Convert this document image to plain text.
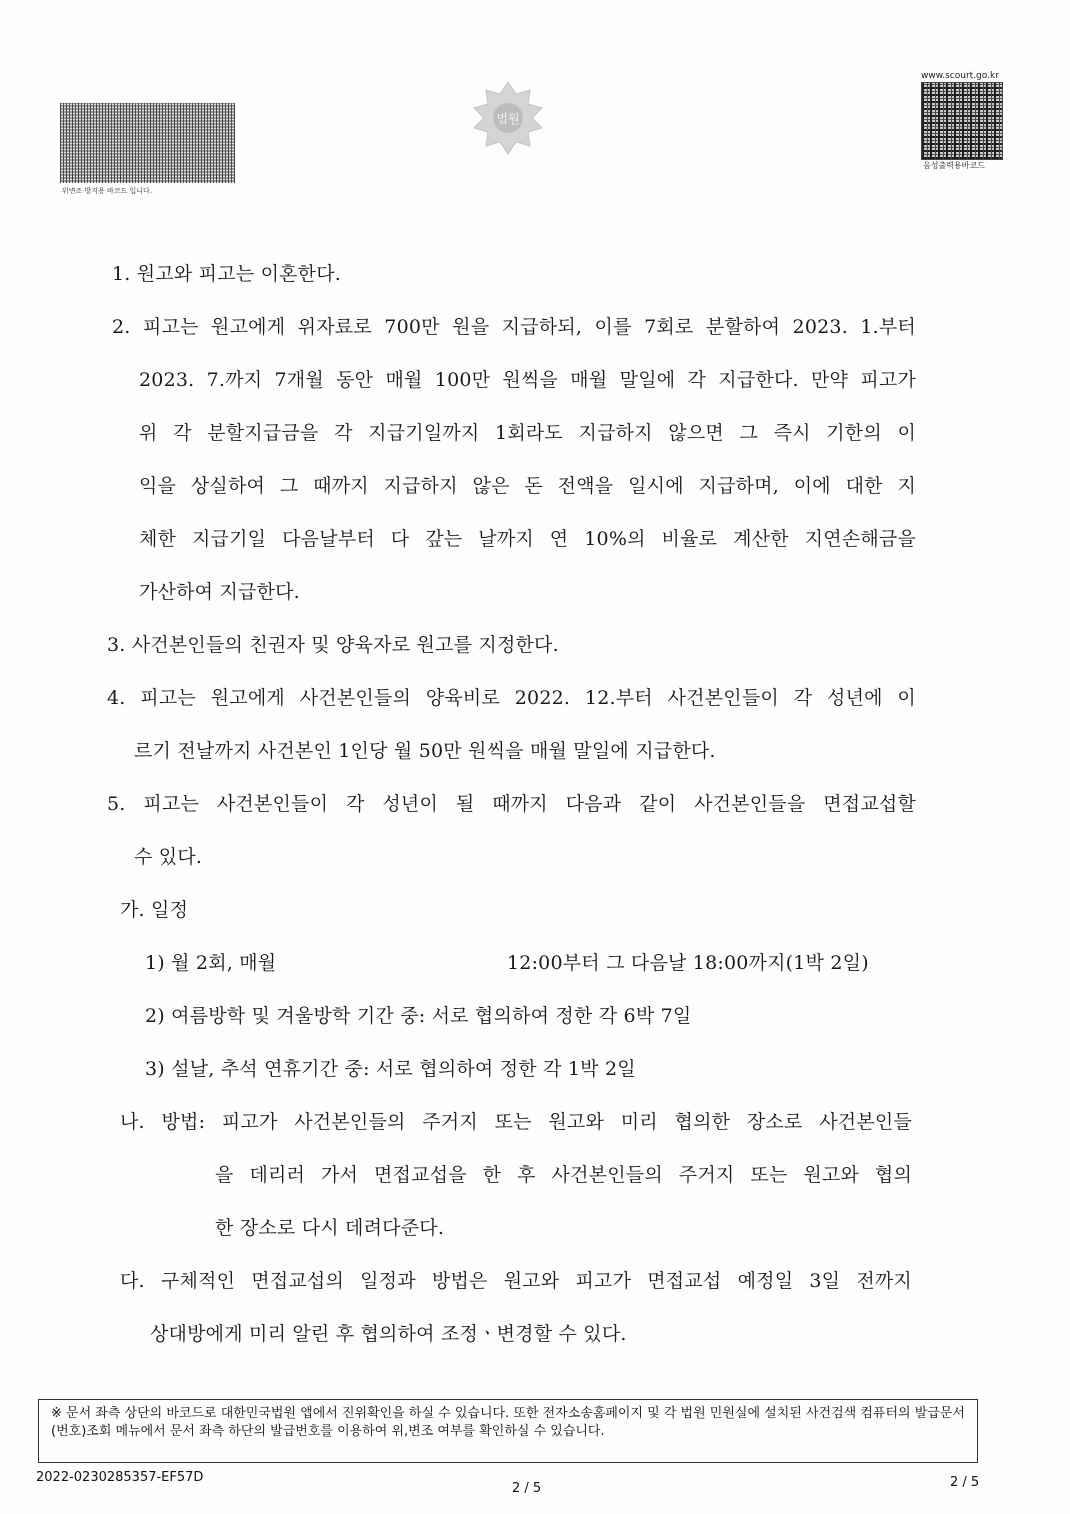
위변조 방지용 바코드 입니다.
법원
www.scourt.go.kr
음성출력용바코드
1. 원고와 피고는 이혼한다.
2. 피고는 원고에게 위자료로 700만 원을 지급하되, 이를 7회로 분할하여 2023. 1.부터
2023. 7.까지 7개월 동안 매월 100만 원씩을 매월 말일에 각 지급한다. 만약 피고가
위 각 분할지급금을 각 지급기일까지 1회라도 지급하지 않으면 그 즉시 기한의 이
익을 상실하여 그 때까지 지급하지 않은 돈 전액을 일시에 지급하며, 이에 대한 지
체한 지급기일 다음날부터 다 갚는 날까지 연 10%의 비율로 계산한 지연손해금을
가산하여 지급한다.
3. 사건본인들의 친권자 및 양육자로 원고를 지정한다.
4. 피고는 원고에게 사건본인들의 양육비로 2022. 12.부터 사건본인들이 각 성년에 이
르기 전날까지 사건본인 1인당 월 50만 원씩을 매월 말일에 지급한다.
5. 피고는 사건본인들이 각 성년이 될 때까지 다음과 같이 사건본인들을 면접교섭할
수 있다.
가. 일정
1) 월 2회, 매월	12:00부터 그 다음날 18:00까지(1박 2일)
2) 여름방학 및 겨울방학 기간 중: 서로 협의하여 정한 각 6박 7일
3) 설날, 추석 연휴기간 중: 서로 협의하여 정한 각 1박 2일
나. 방법: 피고가 사건본인들의 주거지 또는 원고와 미리 협의한 장소로 사건본인들
을 데리러 가서 면접교섭을 한 후 사건본인들의 주거지 또는 원고와 협의
한 장소로 다시 데려다준다.
다. 구체적인 면접교섭의 일정과 방법은 원고와 피고가 면접교섭 예정일 3일 전까지
상대방에게 미리 알린 후 협의하여 조정ㆍ변경할 수 있다.
※ 문서 좌측 상단의 바코드로 대한민국법원 앱에서 진위확인을 하실 수 있습니다. 또한 전자소송홈페이지 및 각 법원 민원실에 설치된 사건검색 컴퓨터의 발급문서(번호)조회 메뉴에서 문서 좌측 하단의 발급번호를 이용하여 위,변조 여부를 확인하실 수 있습니다.
2022-0230285357-EF57D
2 / 5	2 / 5
